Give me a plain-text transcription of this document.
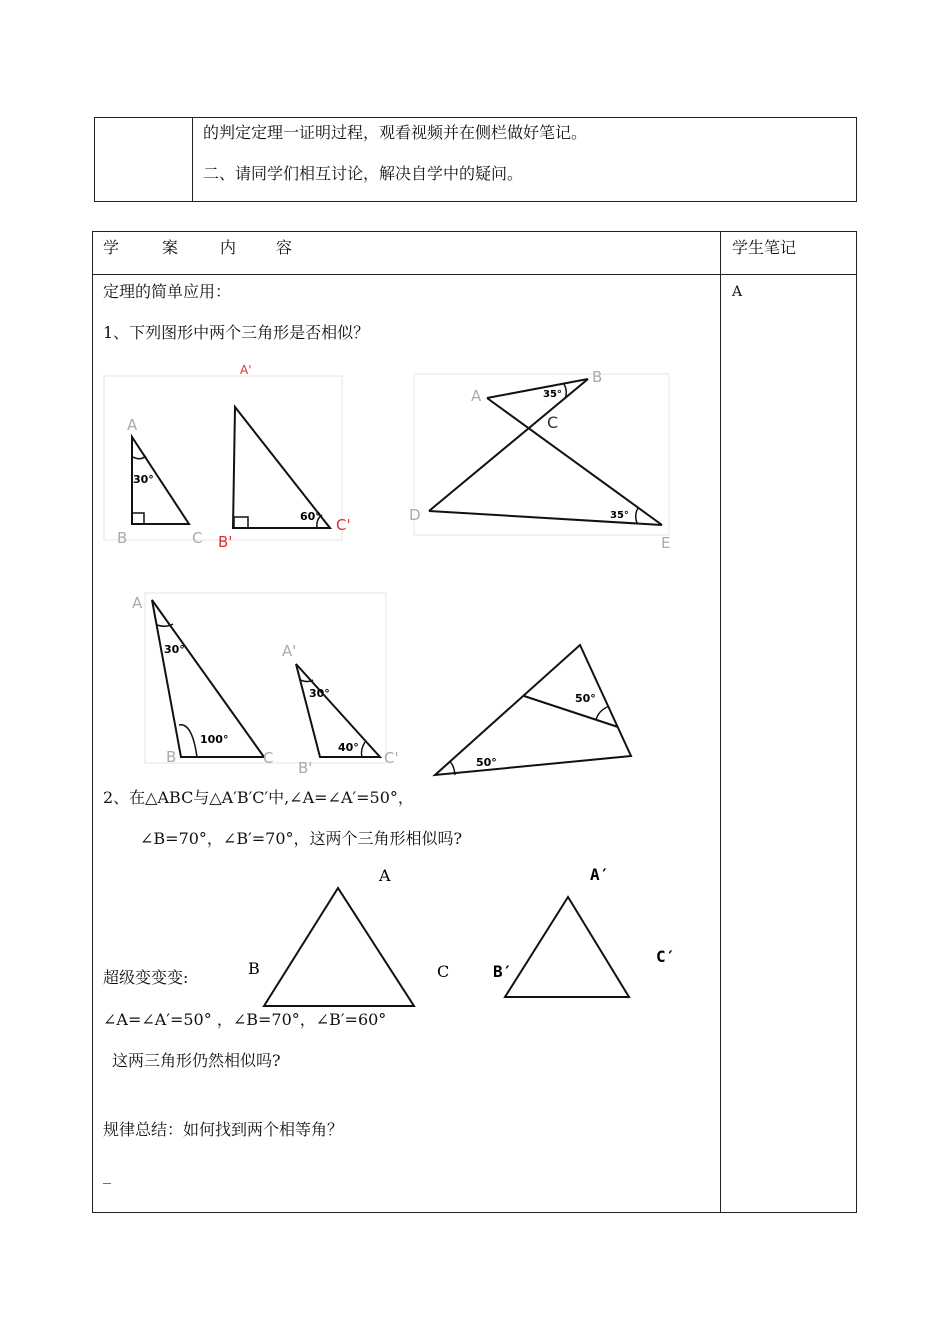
的判定定理一证明过程，观看视频并在侧栏做好笔记。
二、请同学们相互讨论，解决自学中的疑问。
学	案	内 容	学生笔记
A
定理的简单应用：
1、下列图形中两个三角形是否相似？
2、在△ABC与△A′B′C′中,∠A=∠A′=50°，
∠B=70°，∠B′=70°，这两个三角形相似吗?
超级变变变:
∠A=∠A′=50° ，∠B=70°，∠B′=60°
这两三角形仍然相似吗?
规律总结：如何找到两个相等角？
_
30°
A
B	C
60°
B'
C'
A'
35°
35°
A
B
C
D
E
30°
100°
A
B	C
30°
40°
A'
B'
C'	50°
50°
A
B	C
A′
B′
C′
